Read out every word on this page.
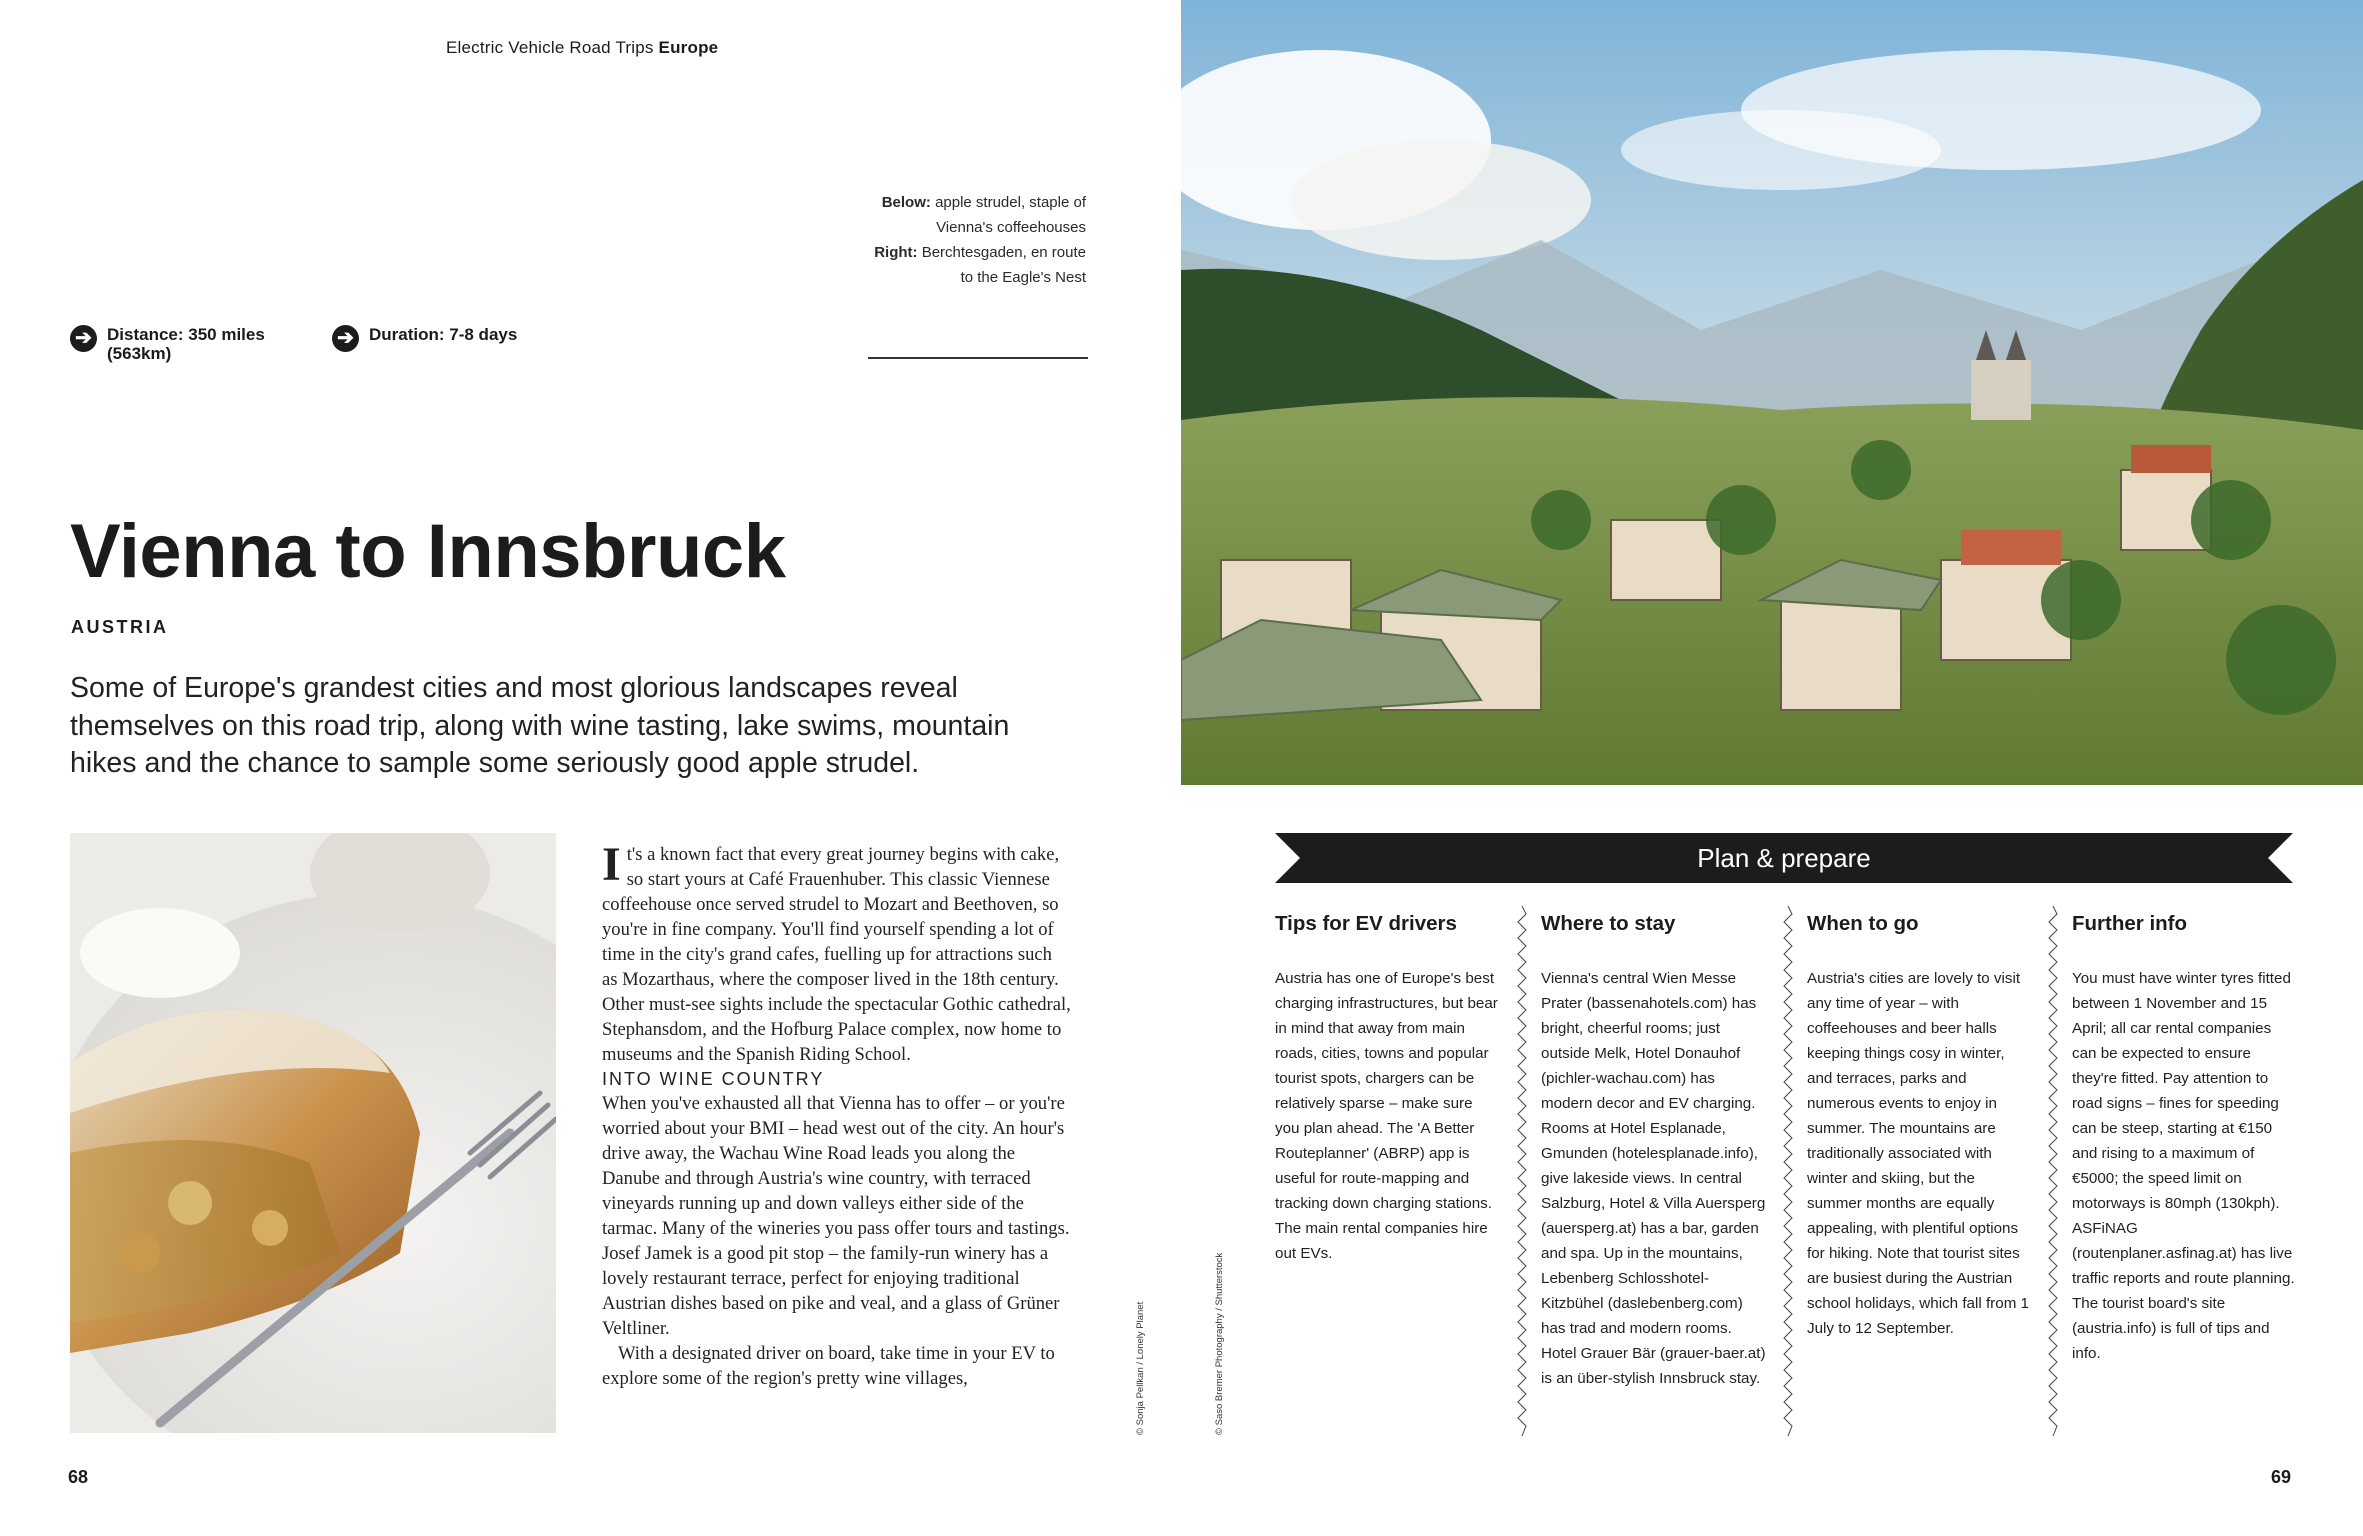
Electric Vehicle Road Trips Europe
Below: apple strudel, staple of Vienna's coffeehouses
Right: Berchtesgaden, en route to the Eagle's Nest
➔ Distance: 350 miles (563km)
➔ Duration: 7-8 days
Vienna to Innsbruck
AUSTRIA
Some of Europe's grandest cities and most glorious landscapes reveal themselves on this road trip, along with wine tasting, lake swims, mountain hikes and the chance to sample some seriously good apple strudel.

It's a known fact that every great journey begins with cake, so start yours at Café Frauenhuber. This classic Viennese coffeehouse once served strudel to Mozart and Beethoven, so you're in fine company. You'll find yourself spending a lot of time in the city's grand cafes, fuelling up for attractions such as Mozarthaus, where the composer lived in the 18th century. Other must-see sights include the spectacular Gothic cathedral, Stephansdom, and the Hofburg Palace complex, now home to museums and the Spanish Riding School.

INTO WINE COUNTRY

When you've exhausted all that Vienna has to offer – or you're worried about your BMI – head west out of the city. An hour's drive away, the Wachau Wine Road leads you along the Danube and through Austria's wine country, with terraced vineyards running up and down valleys either side of the tarmac. Many of the wineries you pass offer tours and tastings. Josef Jamek is a good pit stop – the family-run winery has a lovely restaurant terrace, perfect for enjoying traditional Austrian dishes based on pike and veal, and a glass of Grüner Veltliner.

With a designated driver on board, take time in your EV to explore some of the region's pretty wine villages,	© Sonja Pellkan / Lonely Planet	© Saso Bremer Photography / Shutterstock
68
Plan & prepare
Tips for EV drivers

Austria has one of Europe's best charging infrastructures, but bear in mind that away from main roads, cities, towns and popular tourist spots, chargers can be relatively sparse – make sure you plan ahead. The 'A Better Routeplanner' (ABRP) app is useful for route-mapping and tracking down charging stations. The main rental companies hire out EVs.

Where to stay

Vienna's central Wien Messe Prater (bassenahotels.com) has bright, cheerful rooms; just outside Melk, Hotel Donauhof (pichler-wachau.com) has modern decor and EV charging. Rooms at Hotel Esplanade, Gmunden (hotelesplanade.info), give lakeside views. In central Salzburg, Hotel & Villa Auersperg (auersperg.at) has a bar, garden and spa. Up in the mountains, Lebenberg Schlosshotel-Kitzbühel (daslebenberg.com) has trad and modern rooms. Hotel Grauer Bär (grauer-baer.at) is an über-stylish Innsbruck stay.

When to go

Austria's cities are lovely to visit any time of year – with coffeehouses and beer halls keeping things cosy in winter, and terraces, parks and numerous events to enjoy in summer. The mountains are traditionally associated with winter and skiing, but the summer months are equally appealing, with plentiful options for hiking. Note that tourist sites are busiest during the Austrian school holidays, which fall from 1 July to 12 September.

Further info

You must have winter tyres fitted between 1 November and 15 April; all car rental companies can be expected to ensure they're fitted. Pay attention to road signs – fines for speeding can be steep, starting at €150 and rising to a maximum of €5000; the speed limit on motorways is 80mph (130kph). ASFiNAG (routenplaner.asfinag.at) has live traffic reports and route planning. The tourist board's site (austria.info) is full of tips and info.

69
